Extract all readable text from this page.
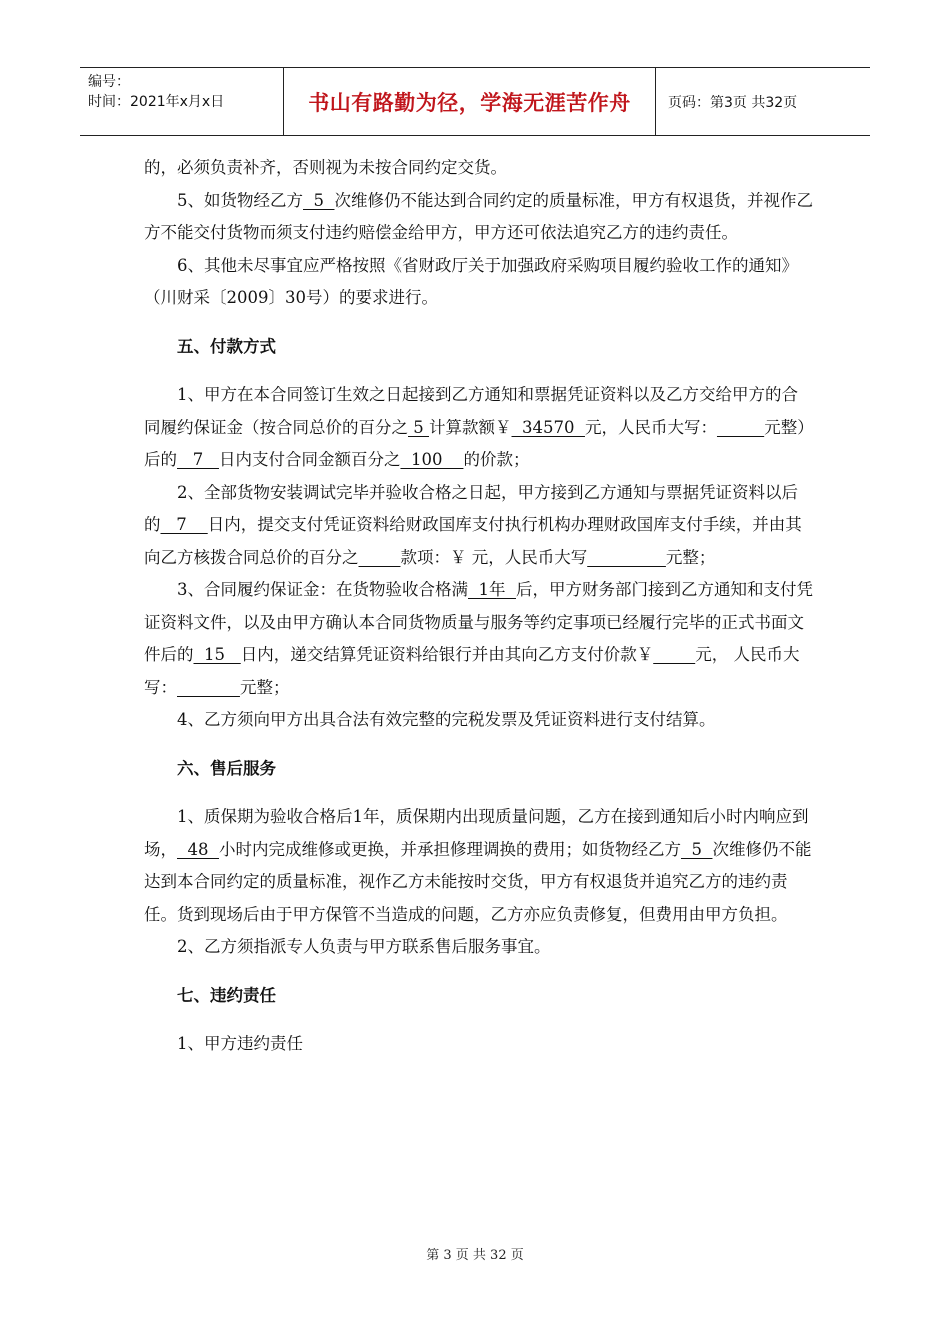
编号：
时间：2021年x月x日	书山有路勤为径，学海无涯苦作舟	页码：第3页 共32页

的，必须负责补齐，否则视为未按合同约定交货。

5、如货物经乙方  5  次维修仍不能达到合同约定的质量标准，甲方有权退货，并视作乙方不能交付货物而须支付违约赔偿金给甲方，甲方还可依法追究乙方的违约责任。

6、其他未尽事宜应严格按照《省财政厅关于加强政府采购项目履约验收工作的通知》（川财采〔2009〕30号）的要求进行。

五、付款方式

1、甲方在本合同签订生效之日起接到乙方通知和票据凭证资料以及乙方交给甲方的合同履约保证金（按合同总价的百分之 5 计算款额￥  34570  元，人民币大写：	元整）后的   7   日内支付合同金额百分之  100    的价款；

2、全部货物安装调试完毕并验收合格之日起，甲方接到乙方通知与票据凭证资料以后的   7    日内，提交支付凭证资料给财政国库支付执行机构办理财政国库支付手续，并由其向乙方核拨合同总价的百分之	款项：￥ 元，人民币大写	元整；

3、合同履约保证金：在货物验收合格满  1年  后，甲方财务部门接到乙方通知和支付凭证资料文件，以及由甲方确认本合同货物质量与服务等约定事项已经履行完毕的正式书面文件后的  15   日内，递交结算凭证资料给银行并由其向乙方支付价款￥	元， 人民币大写：	元整；

4、乙方须向甲方出具合法有效完整的完税发票及凭证资料进行支付结算。

六、售后服务

1、质保期为验收合格后1年，质保期内出现质量问题，乙方在接到通知后小时内响应到场，  48  小时内完成维修或更换，并承担修理调换的费用；如货物经乙方  5  次维修仍不能达到本合同约定的质量标准，视作乙方未能按时交货，甲方有权退货并追究乙方的违约责任。货到现场后由于甲方保管不当造成的问题，乙方亦应负责修复，但费用由甲方负担。

2、乙方须指派专人负责与甲方联系售后服务事宜。

七、违约责任

1、甲方违约责任

第 3 页 共 32 页
